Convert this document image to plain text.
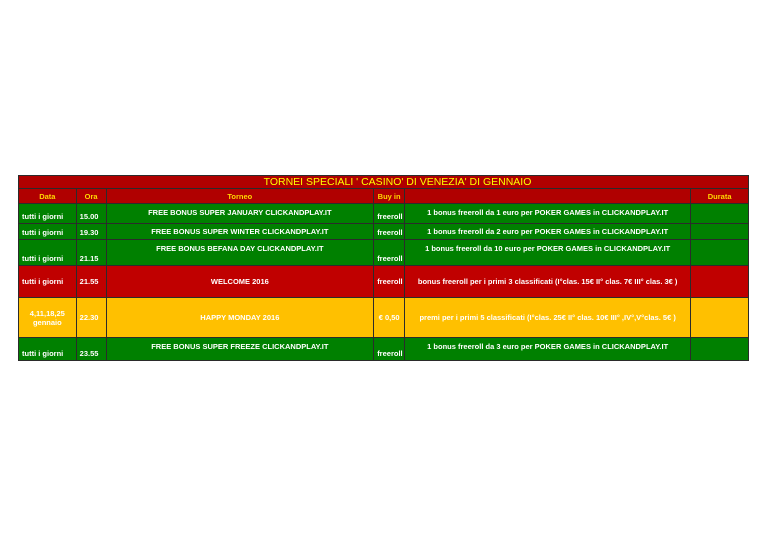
TORNEI SPECIALI ' CASINO' DI VENEZIA' DI GENNAIO					
Data	Ora	Torneo	Buy in		Durata
tutti i giorni	15.00	FREE BONUS SUPER JANUARY CLICKANDPLAY.IT	freeroll	1 bonus freeroll da 1 euro per POKER GAMES in CLICKANDPLAY.IT	
tutti i giorni	19.30	FREE BONUS SUPER WINTER CLICKANDPLAY.IT	freeroll	1 bonus freeroll da 2 euro per POKER GAMES in CLICKANDPLAY.IT	
tutti i giorni	21.15	FREE BONUS BEFANA DAY CLICKANDPLAY.IT	freeroll	1 bonus freeroll da 10 euro per POKER GAMES in CLICKANDPLAY.IT	
tutti i giorni	21.55	WELCOME 2016	freeroll	bonus freeroll per i primi 3 classificati (I°clas. 15€ II° clas. 7€ III° clas. 3€ )	
4,11,18,25 gennaio	22.30	HAPPY MONDAY 2016	€ 0,50	premi per i primi 5 classificati (I°clas. 25€ II° clas. 10€ III° ,IV°,V°clas. 5€ )	
tutti i giorni	23.55	FREE BONUS SUPER FREEZE CLICKANDPLAY.IT	freeroll	1 bonus freeroll da 3 euro per POKER GAMES in CLICKANDPLAY.IT	
